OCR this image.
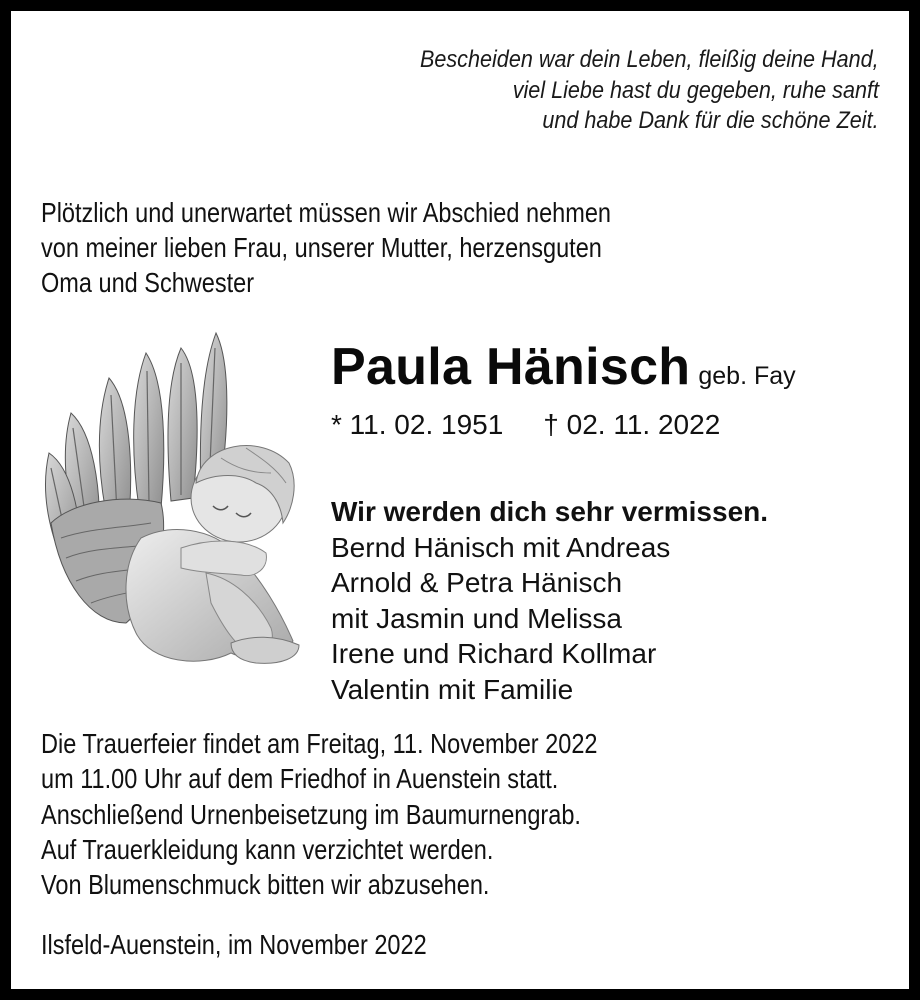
Bescheiden war dein Leben, fleißig deine Hand,
viel Liebe hast du gegeben, ruhe sanft
und habe Dank für die schöne Zeit.
Plötzlich und unerwartet müssen wir Abschied nehmen
von meiner lieben Frau, unserer Mutter, herzensguten
Oma und Schwester
Paula Hänisch geb. Fay
* 11. 02. 1951 † 02. 11. 2022
Wir werden dich sehr vermissen.
Bernd Hänisch mit Andreas
Arnold & Petra Hänisch
mit Jasmin und Melissa
Irene und Richard Kollmar
Valentin mit Familie
Die Trauerfeier findet am Freitag, 11. November 2022
um 11.00 Uhr auf dem Friedhof in Auenstein statt.
Anschließend Urnenbeisetzung im Baumurnengrab.
Auf Trauerkleidung kann verzichtet werden.
Von Blumenschmuck bitten wir abzusehen.
Ilsfeld-Auenstein, im November 2022
